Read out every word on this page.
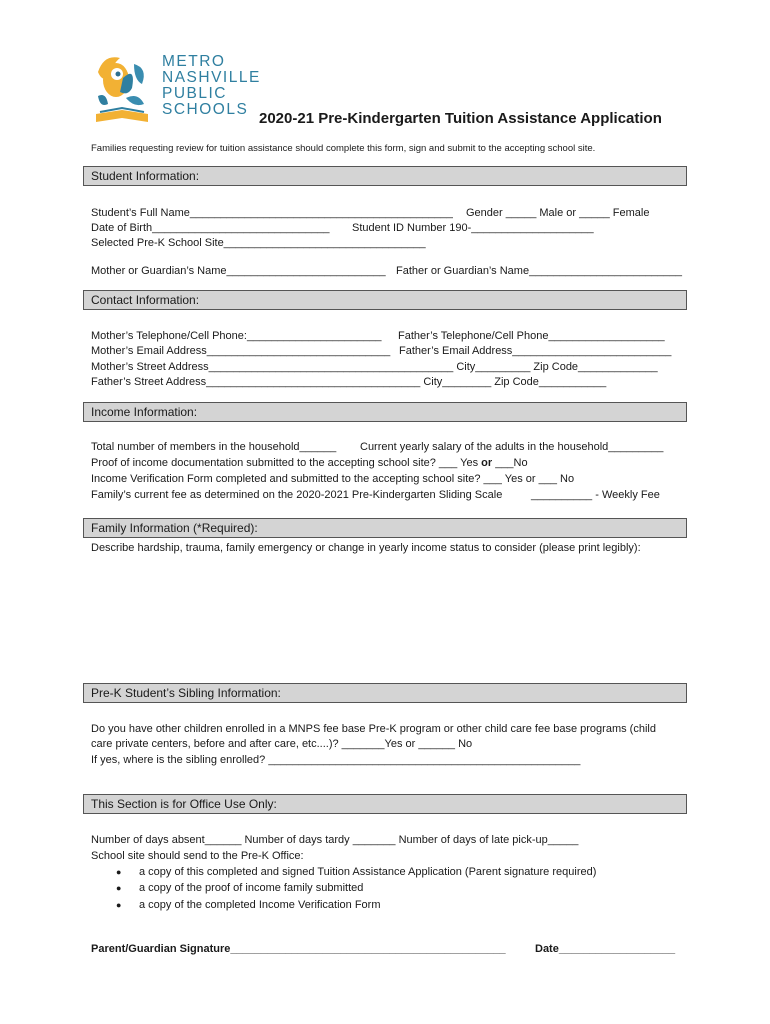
METRO
NASHVILLE
PUBLIC
SCHOOLS
2020-21 Pre-Kindergarten Tuition Assistance Application
Families requesting review for tuition assistance should complete this form, sign and submit to the accepting school site.
Student Information:
Student’s Full Name___________________________________________ Gender _____ Male or _____ Female
Date of Birth_____________________________ Student ID Number 190-____________________
Selected Pre-K School Site_________________________________
Mother or Guardian’s Name__________________________ Father or Guardian’s Name_________________________
Contact Information:
Mother’s Telephone/Cell Phone:______________________ Father’s Telephone/Cell Phone___________________
Mother’s Email Address______________________________ Father’s Email Address__________________________
Mother’s Street Address________________________________________ City_________ Zip Code_____________
Father’s Street Address___________________________________ City________ Zip Code___________
Income Information:
Total number of members in the household______ Current yearly salary of the adults in the household_________
Proof of income documentation submitted to the accepting school site? ___ Yes or ___No
Income Verification Form completed and submitted to the accepting school site? ___ Yes or ___ No
Family’s current fee as determined on the 2020-2021 Pre-Kindergarten Sliding Scale	__________ - Weekly Fee
Family Information (*Required):
Describe hardship, trauma, family emergency or change in yearly income status to consider (please print legibly):
Pre-K Student’s Sibling Information:
Do you have other children enrolled in a MNPS fee base Pre-K program or other child care fee base programs (child
care private centers, before and after care, etc....)? _______Yes or ______ No
If yes, where is the sibling enrolled? ___________________________________________________
This Section is for Office Use Only:
Number of days absent______ Number of days tardy _______ Number of days of late pick-up_____
School site should send to the Pre-K Office:
● a copy of this completed and signed Tuition Assistance Application (Parent signature required)
● a copy of the proof of income family submitted
● a copy of the completed Income Verification Form
Parent/Guardian Signature_____________________________________________	Date___________________
